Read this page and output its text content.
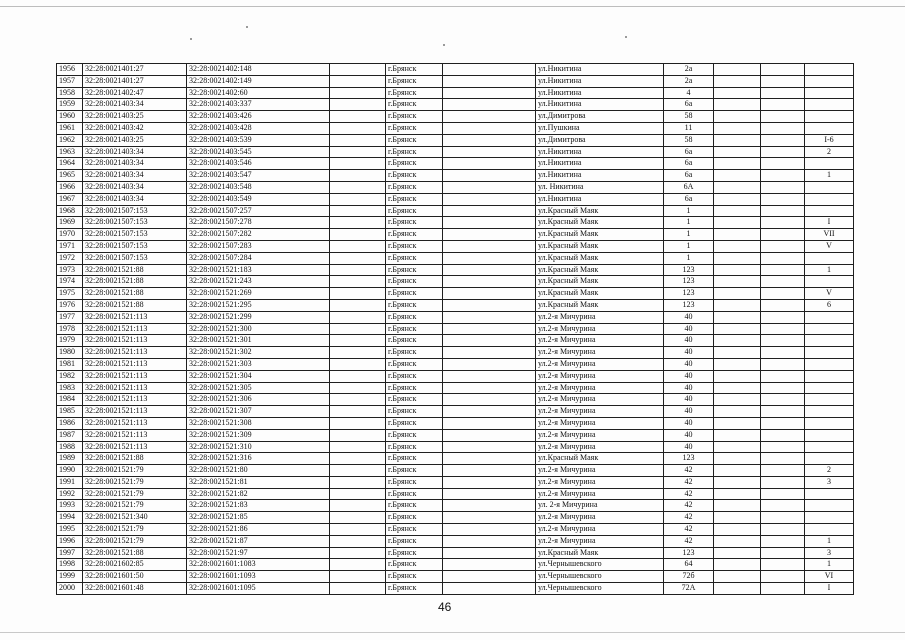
1956	32:28:0021401:27	32:28:0021402:148		г.Брянск		ул.Никитина	2а			
1957	32:28:0021401:27	32:28:0021402:149		г.Брянск		ул.Никитина	2а			
1958	32:28:0021402:47	32:28:0021402:60		г.Брянск		ул.Никитина	4			
1959	32:28:0021403:34	32:28:0021403:337		г.Брянск		ул.Никитина	6а			
1960	32:28:0021403:25	32:28:0021403:426		г.Брянск		ул.Димитрова	58			
1961	32:28:0021403:42	32:28:0021403:428		г.Брянск		ул.Пушкина	11			
1962	32:28:0021403:25	32:28:0021403:539		г.Брянск		ул.Димитрова	58			I-6
1963	32:28:0021403:34	32:28:0021403:545		г.Брянск		ул.Никитина	6а			2
1964	32:28:0021403:34	32:28:0021403:546		г.Брянск		ул.Никитина	6а			
1965	32:28:0021403:34	32:28:0021403:547		г.Брянск		ул.Никитина	6а			1
1966	32:28:0021403:34	32:28:0021403:548		г.Брянск		ул. Никитина	6А			
1967	32:28:0021403:34	32:28:0021403:549		г.Брянск		ул.Никитина	6а			
1968	32:28:0021507:153	32:28:0021507:257		г.Брянск		ул.Красный Маяк	1			
1969	32:28:0021507:153	32:28:0021507:278		г.Брянск		ул.Красный Маяк	1			I
1970	32:28:0021507:153	32:28:0021507:282		г.Брянск		ул.Красный Маяк	1			VII
1971	32:28:0021507:153	32:28:0021507:283		г.Брянск		ул.Красный Маяк	1			V
1972	32:28:0021507:153	32:28:0021507:284		г.Брянск		ул.Красный Маяк	1			
1973	32:28:0021521:88	32:28:0021521:183		г.Брянск		ул.Красный Маяк	123			1
1974	32:28:0021521:88	32:28:0021521:243		г.Брянск		ул.Красный Маяк	123			
1975	32:28:0021521:88	32:28:0021521:269		г.Брянск		ул.Красный Маяк	123			V
1976	32:28:0021521:88	32:28:0021521:295		г.Брянск		ул.Красный Маяк	123			6
1977	32:28:0021521:113	32:28:0021521:299		г.Брянск		ул.2-я Мичурина	40			
1978	32:28:0021521:113	32:28:0021521:300		г.Брянск		ул.2-я Мичурина	40			
1979	32:28:0021521:113	32:28:0021521:301		г.Брянск		ул.2-я Мичурина	40			
1980	32:28:0021521:113	32:28:0021521:302		г.Брянск		ул.2-я Мичурина	40			
1981	32:28:0021521:113	32:28:0021521:303		г.Брянск		ул.2-я Мичурина	40			
1982	32:28:0021521:113	32:28:0021521:304		г.Брянск		ул.2-я Мичурина	40			
1983	32:28:0021521:113	32:28:0021521:305		г.Брянск		ул.2-я Мичурина	40			
1984	32:28:0021521:113	32:28:0021521:306		г.Брянск		ул.2-я Мичурина	40			
1985	32:28:0021521:113	32:28:0021521:307		г.Брянск		ул.2-я Мичурина	40			
1986	32:28:0021521:113	32:28:0021521:308		г.Брянск		ул.2-я Мичурина	40			
1987	32:28:0021521:113	32:28:0021521:309		г.Брянск		ул.2-я Мичурина	40			
1988	32:28:0021521:113	32:28:0021521:310		г.Брянск		ул.2-я Мичурина	40			
1989	32:28:0021521:88	32:28:0021521:316		г.Брянск		ул.Красный Маяк	123			
1990	32:28:0021521:79	32:28:0021521:80		г.Брянск		ул.2-я Мичурина	42			2
1991	32:28:0021521:79	32:28:0021521:81		г.Брянск		ул.2-я Мичурина	42			3
1992	32:28:0021521:79	32:28:0021521:82		г.Брянск		ул.2-я Мичурина	42			
1993	32:28:0021521:79	32:28:0021521:83		г.Брянск		ул. 2-я Мичурина	42			
1994	32:28:0021521:340	32:28:0021521:85		г.Брянск		ул.2-я Мичурина	42			
1995	32:28:0021521:79	32:28:0021521:86		г.Брянск		ул.2-я Мичурина	42			
1996	32:28:0021521:79	32:28:0021521:87		г.Брянск		ул.2-я Мичурина	42			1
1997	32:28:0021521:88	32:28:0021521:97		г.Брянск		ул.Красный Маяк	123			3
1998	32:28:0021602:85	32:28:0021601:1083		г.Брянск		ул.Чернышевского	64			1
1999	32:28:0021601:50	32:28:0021601:1093		г.Брянск		ул.Чернышевского	72б			VI
2000	32:28:0021601:48	32:28:0021601:1095		г.Брянск		ул.Чернышевского	72А			I
46
